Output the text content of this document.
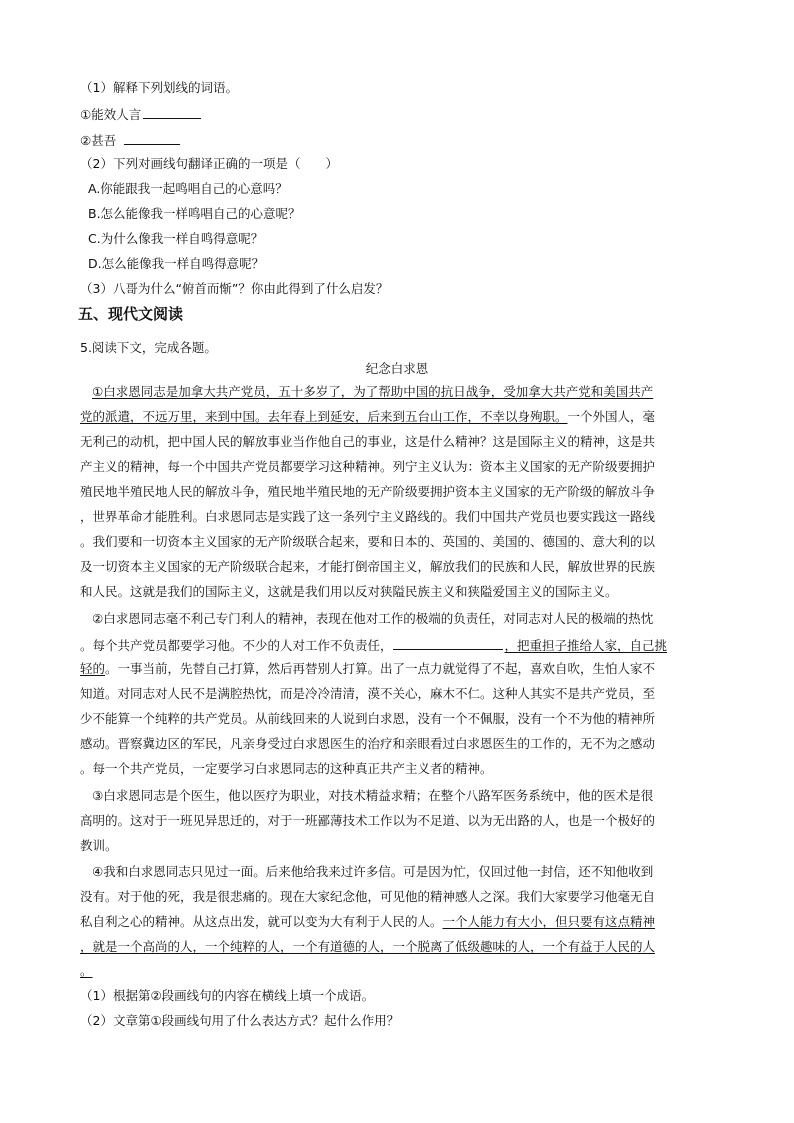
（1）解释下列划线的词语。
①能效人言
②甚吾
（2）下列对画线句翻译正确的一项是（　　）
A.你能跟我一起鸣唱自己的心意吗？
B.怎么能像我一样鸣唱自己的心意呢？
C.为什么像我一样自鸣得意呢？
D.怎么能像我一样自鸣得意呢？
（3）八哥为什么“俯首而惭”？你由此得到了什么启发？
五、现代文阅读
5.阅读下文，完成各题。
纪念白求恩
①白求恩同志是加拿大共产党员，五十多岁了，为了帮助中国的抗日战争，受加拿大共产党和美国共产
党的派遣，不远万里，来到中国。去年春上到延安，后来到五台山工作，不幸以身殉职。一个外国人，毫
无利己的动机，把中国人民的解放事业当作他自己的事业，这是什么精神？这是国际主义的精神，这是共
产主义的精神，每一个中国共产党员都要学习这种精神。列宁主义认为：资本主义国家的无产阶级要拥护
殖民地半殖民地人民的解放斗争，殖民地半殖民地的无产阶级要拥护资本主义国家的无产阶级的解放斗争
，世界革命才能胜利。白求恩同志是实践了这一条列宁主义路线的。我们中国共产党员也要实践这一路线
。我们要和一切资本主义国家的无产阶级联合起来，要和日本的、英国的、美国的、德国的、意大利的以
及一切资本主义国家的无产阶级联合起来，才能打倒帝国主义，解放我们的民族和人民，解放世界的民族
和人民。这就是我们的国际主义，这就是我们用以反对狭隘民族主义和狭隘爱国主义的国际主义。
②白求恩同志毫不利己专门利人的精神，表现在他对工作的极端的负责任，对同志对人民的极端的热忱
。每个共产党员都要学习他。不少的人对工作不负责任，	，把重担子推给人家，自己挑
轻的。一事当前，先替自己打算，然后再替别人打算。出了一点力就觉得了不起，喜欢自吹，生怕人家不
知道。对同志对人民不是满腔热忱，而是冷冷清清，漠不关心，麻木不仁。这种人其实不是共产党员，至
少不能算一个纯粹的共产党员。从前线回来的人说到白求恩，没有一个不佩服，没有一个不为他的精神所
感动。晋察冀边区的军民，凡亲身受过白求恩医生的治疗和亲眼看过白求恩医生的工作的，无不为之感动
。每一个共产党员，一定要学习白求恩同志的这种真正共产主义者的精神。
③白求恩同志是个医生，他以医疗为职业，对技术精益求精；在整个八路军医务系统中，他的医术是很
高明的。这对于一班见异思迁的，对于一班鄙薄技术工作以为不足道、以为无出路的人，也是一个极好的
教训。
④我和白求恩同志只见过一面。后来他给我来过许多信。可是因为忙，仅回过他一封信，还不知他收到
没有。对于他的死，我是很悲痛的。现在大家纪念他，可见他的精神感人之深。我们大家要学习他毫无自
私自利之心的精神。从这点出发，就可以变为大有利于人民的人。一个人能力有大小，但只要有这点精神
，就是一个高尚的人，一个纯粹的人，一个有道德的人，一个脱离了低级趣味的人，一个有益于人民的人
。
（1）根据第②段画线句的内容在横线上填一个成语。
（2）文章第①段画线句用了什么表达方式？起什么作用？
